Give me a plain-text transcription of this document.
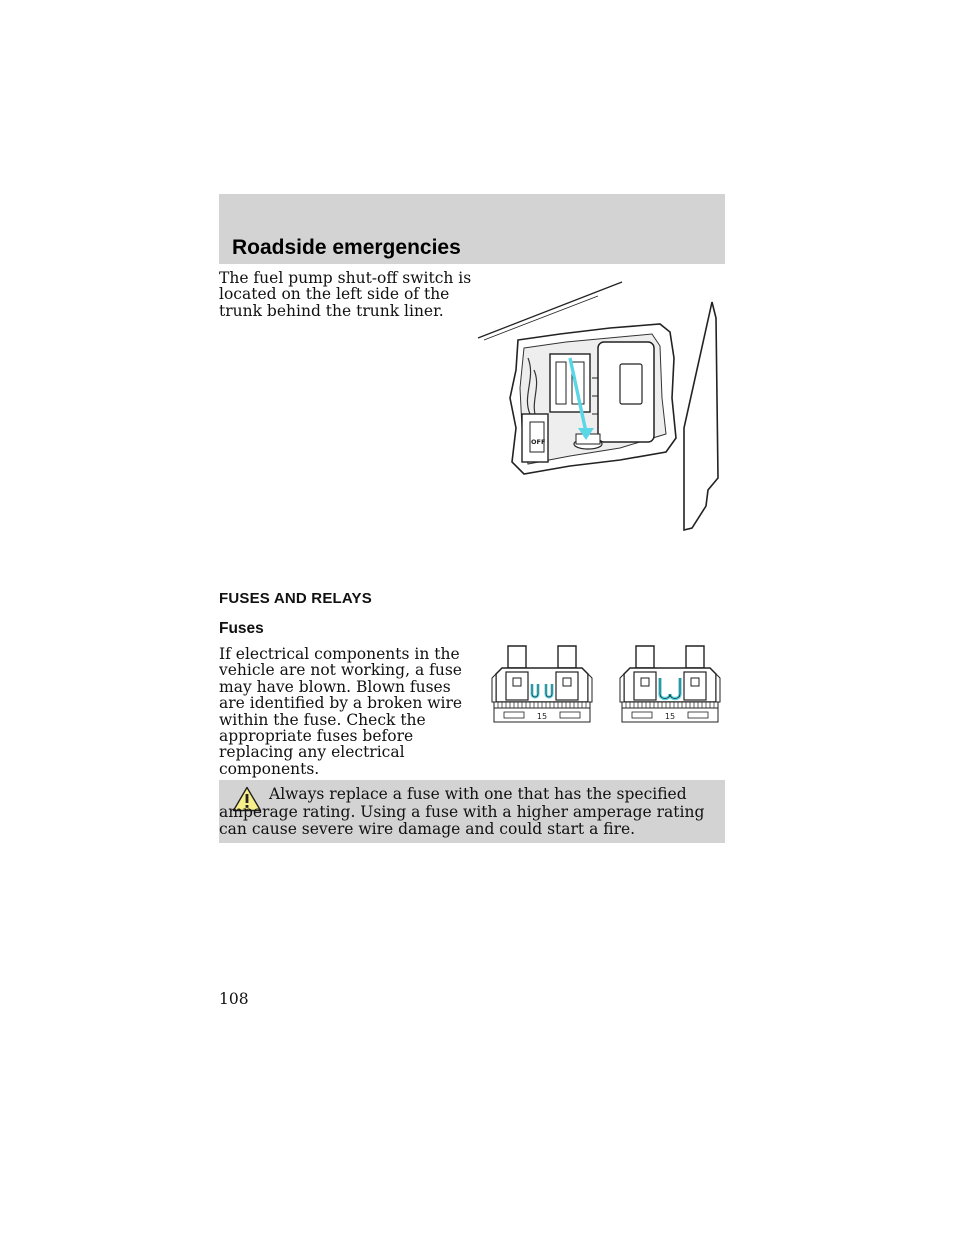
Roadside emergencies
The fuel pump shut-off switch is located on the left side of the trunk behind the trunk liner.
OFF
FUSES AND RELAYS
Fuses
If electrical components in the vehicle are not working, a fuse may have blown. Blown fuses are identified by a broken wire within the fuse. Check the appropriate fuses before replacing any electrical components.
15	15
Always replace a fuse with one that has the specified amperage rating. Using a fuse with a higher amperage rating can cause severe wire damage and could start a fire.
108
